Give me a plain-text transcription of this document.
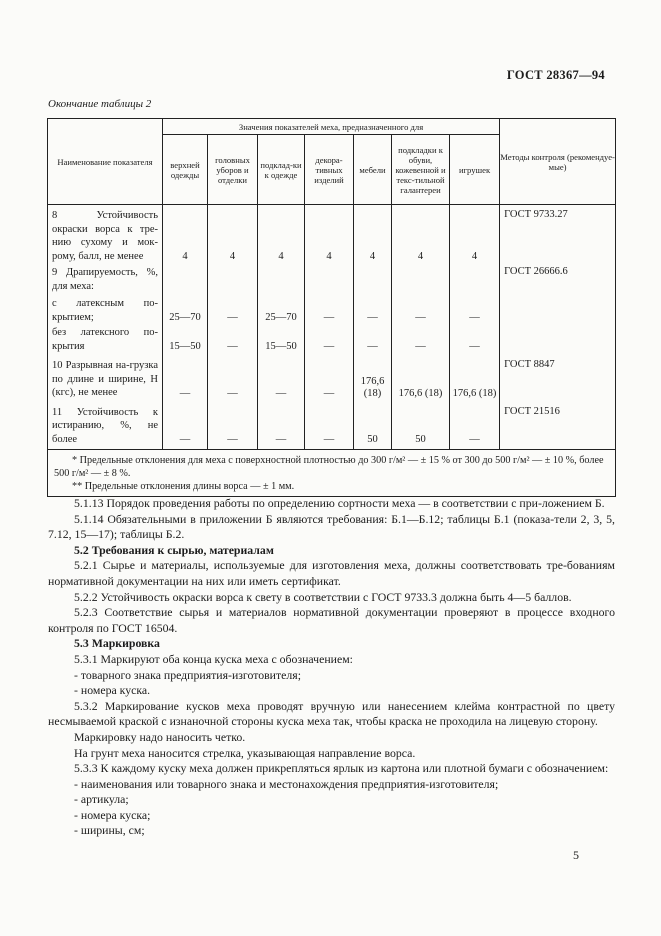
ГОСТ 28367—94
Окончание таблицы 2
Наименование показателя	Значения показателей меха, предназначенного для							Методы контроля (рекомендуе-мые)
	верхней одежды	головных уборов и отделки	подклад-ки к одежде	декора-тивных изделий	мебели	подкладки к обуви, кожевенной и текс-тильной галантереи	игрушек	
8 Устойчивость окраски ворса к тре-нию сухому и мок-рому, балл, не менее	4	4	4	4	4	4	4	ГОСТ 9733.27
9 Драпируемость, %, для меха:								ГОСТ 26666.6
с латексным по-крытием;	25—70	—	25—70	—	—	—	—	
без латексного по-крытия	15—50	—	15—50	—	—	—	—	
10 Разрывная на-грузка по длине и ширине, Н (кгс), не менее	—	—	—	—	176,6 (18)	176,6 (18)	176,6 (18)	ГОСТ 8847
11 Устойчивость к истиранию, %, не более	—	—	—	—	50	50	—	ГОСТ 21516

* Предельные отклонения для меха с поверхностной плотностью до 300 г/м² — ± 15 % от 300 до 500 г/м² — ± 10 %, более 500 г/м² — ± 8 %.
** Предельные отклонения длины ворса — ± 1 мм.								

5.1.13 Порядок проведения работы по определению сортности меха — в соответствии с при-ложением Б.

5.1.14 Обязательными в приложении Б являются требования: Б.1—Б.12; таблицы Б.1 (показа-тели 2, 3, 5, 7.12, 15—17); таблицы Б.2.

5.2 Требования к сырью, материалам

5.2.1 Сырье и материалы, используемые для изготовления меха, должны соответствовать тре-бованиям нормативной документации на них или иметь сертификат.

5.2.2 Устойчивость окраски ворса к свету в соответствии с ГОСТ 9733.3 должна быть 4—5 баллов.

5.2.3 Соответствие сырья и материалов нормативной документации проверяют в процессе входного контроля по ГОСТ 16504.

5.3 Маркировка

5.3.1 Маркируют оба конца куска меха с обозначением:

- товарного знака предприятия-изготовителя;

- номера куска.

5.3.2 Маркирование кусков меха проводят вручную или нанесением клейма контрастной по цвету несмываемой краской с изнаночной стороны куска меха так, чтобы краска не проходила на лицевую сторону.

Маркировку надо наносить четко.

На грунт меха наносится стрелка, указывающая направление ворса.

5.3.3 К каждому куску меха должен прикрепляться ярлык из картона или плотной бумаги с обозначением:

- наименования или товарного знака и местонахождения предприятия-изготовителя;

- артикула;

- номера куска;

- ширины, см;

5
